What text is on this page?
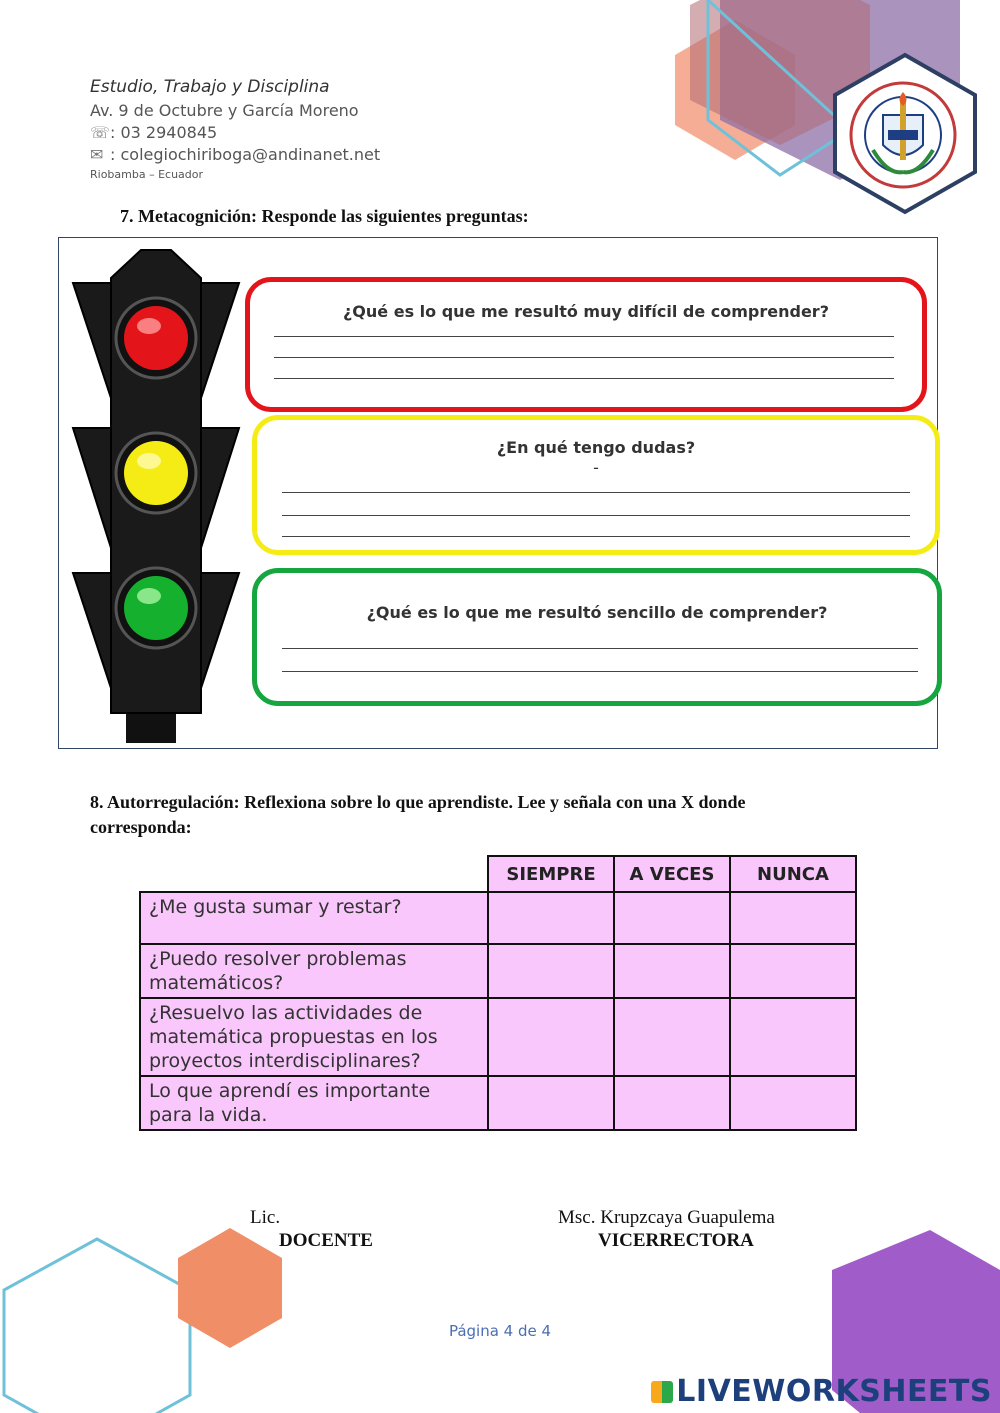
Estudio, Trabajo y Disciplina
Av. 9 de Octubre y García Moreno
☏: 03 2940845
✉ : colegiochiriboga@andinanet.net
Riobamba – Ecuador
7. Metacognición: Responde las siguientes preguntas:
¿Qué es lo que me resultó muy difícil de comprender?
¿En qué tengo dudas?
-
¿Qué es lo que me resultó sencillo de comprender?
8. Autorregulación: Reflexiona sobre lo que aprendiste. Lee y señala con una X donde
corresponda:
	SIEMPRE	A VECES	NUNCA
¿Me gusta sumar y restar?			
¿Puedo resolver problemas matemáticos?			
¿Resuelvo las actividades de matemática propuestas en los proyectos interdisciplinares?			
Lo que aprendí es importante para la vida.			
Lic.
DOCENTE
Msc. Krupzcaya Guapulema
VICERRECTORA
Página 4 de 4
LIVEWORKSHEETS
